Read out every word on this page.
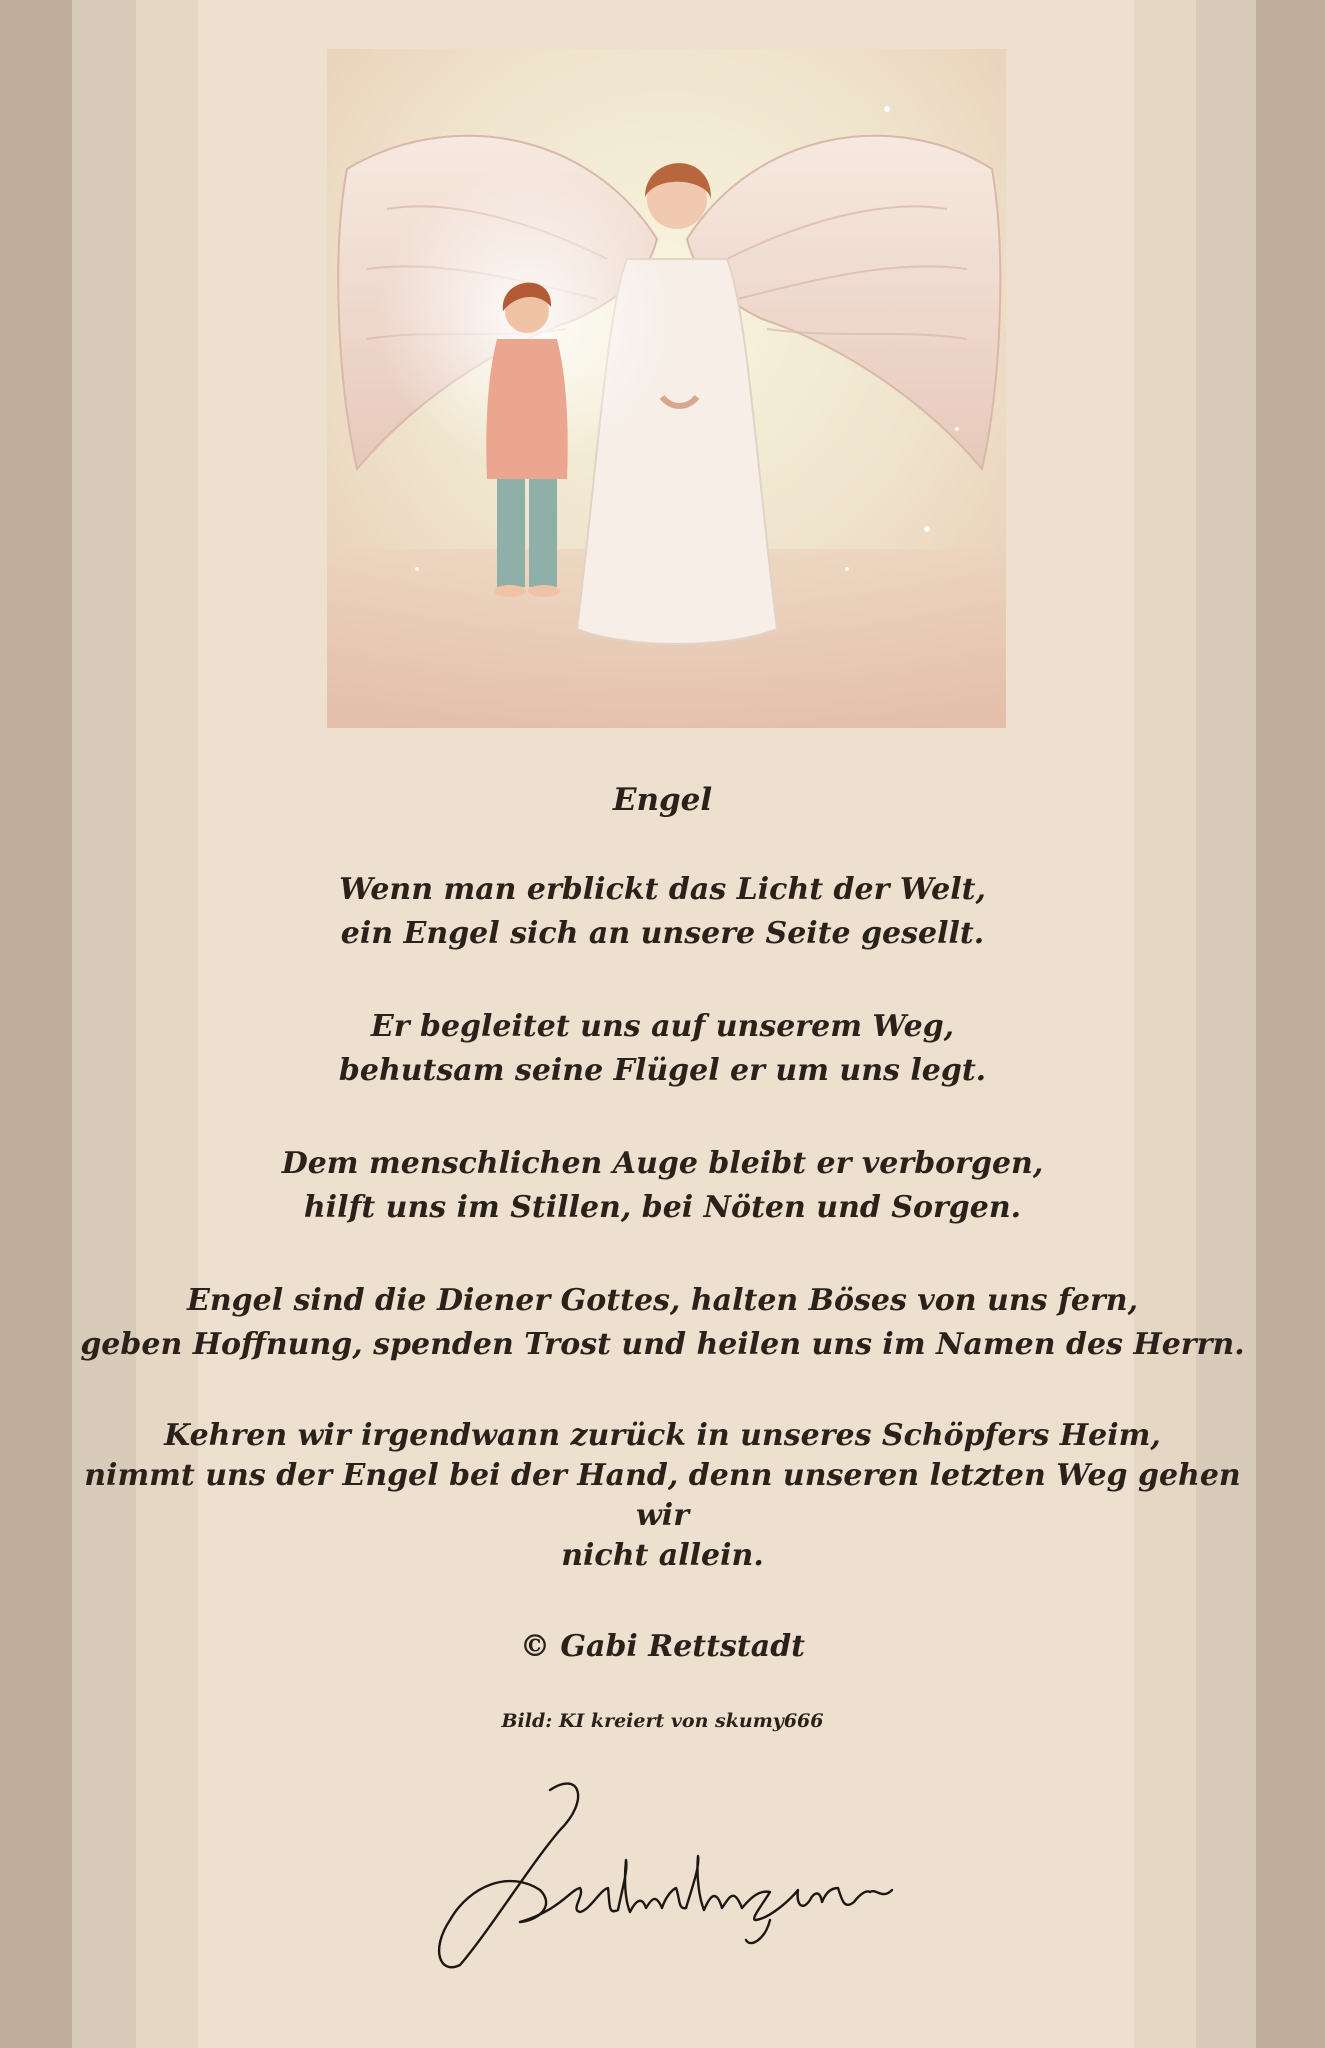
Engel
Wenn man erblickt das Licht der Welt,
ein Engel sich an unsere Seite gesellt.
Er begleitet uns auf unserem Weg,
behutsam seine Flügel er um uns legt.
Dem menschlichen Auge bleibt er verborgen,
hilft uns im Stillen, bei Nöten und Sorgen.
Engel sind die Diener Gottes, halten Böses von uns fern,
geben Hoffnung, spenden Trost und heilen uns im Namen des Herrn.
Kehren wir irgendwann zurück in unseres Schöpfers Heim,
nimmt uns der Engel bei der Hand, denn unseren letzten Weg gehen wir
nicht allein.
© Gabi Rettstadt
Bild: KI kreiert von skumy666
